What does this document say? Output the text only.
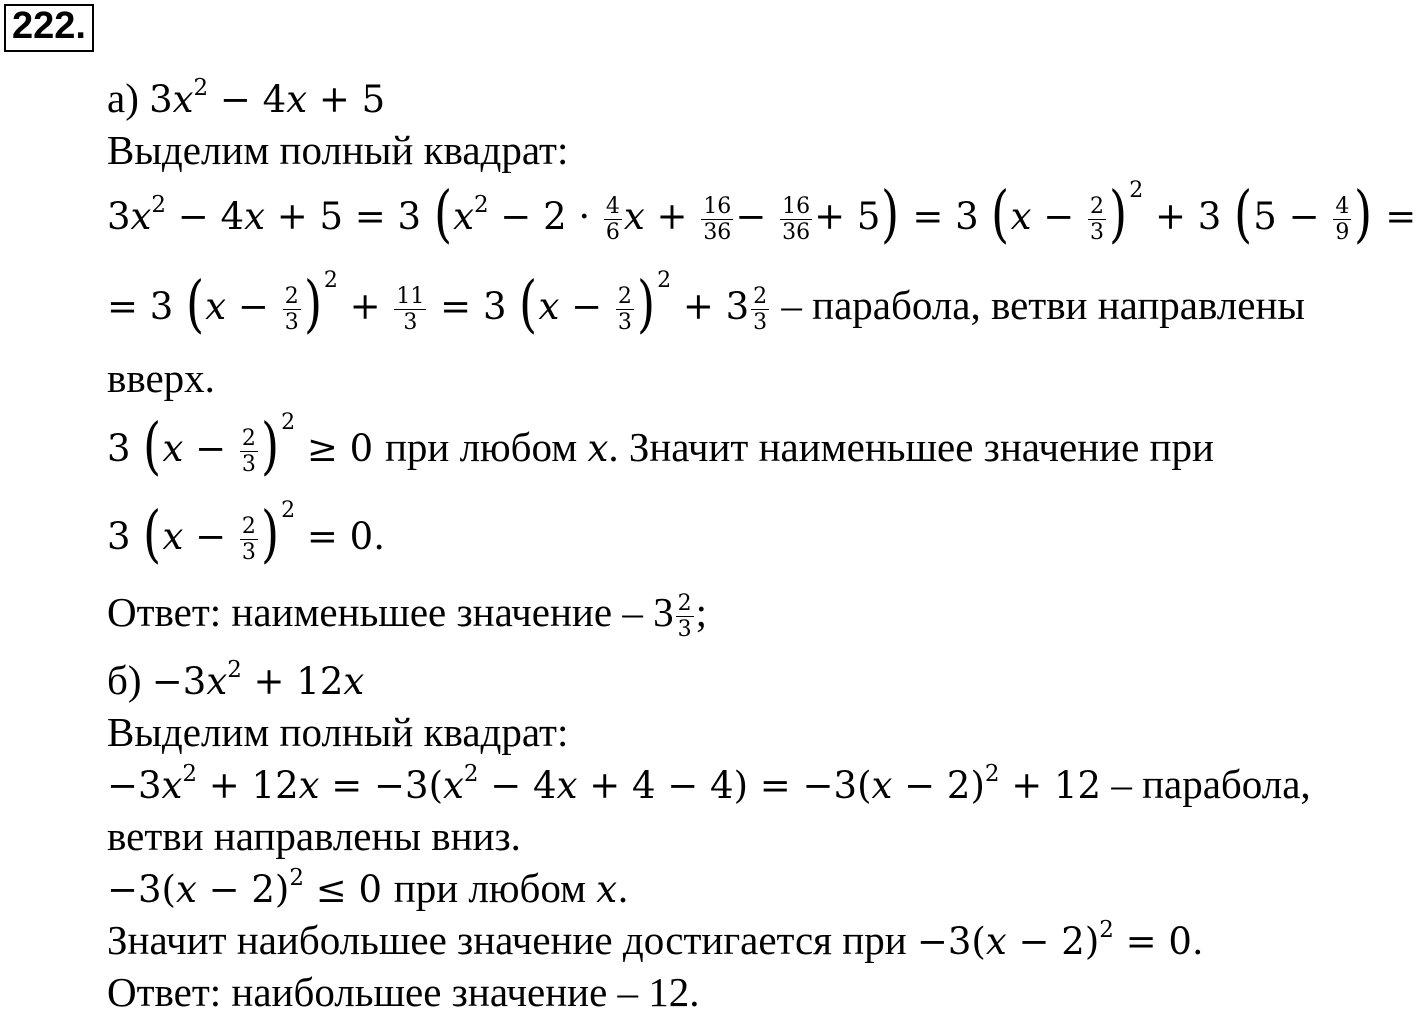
222.
а) $3x^2 - 4x + 5$
Выделим полный квадрат:
$3x^2 - 4x + 5 = 3$ ($x^2 - 2 \cdot \frac{4}{6}$ $x + \frac{16}{36} - \frac{16}{36} + 5) = 3$ $(x - \frac{2}{3} )^2 + 3$ ($5 - \frac{4}{9}$ ) =
= 3 $(x - \frac{2}{3} )^2 + \frac{11}{3} = 3$ $(x - \frac{2}{3} )^2 + 3 \frac{2}{3}$ – парабола, ветви направлены
вверх.
3 $(x - \frac{2}{3} )^2 \ge 0$ при любом x. Значит наименьшее значение при
3 $(x - \frac{2}{3} )^2 = 0$.
Ответ: наименьшее значение – $3 \frac{2}{3}$ ;
$б) -3x^2 + 12x$
Выделим полный квадрат:
$-3x^2 + 12x = -3(x^2 - 4x + 4 - 4) = -3(x - 2)^2 + 12$ – парабола,
ветви направлены вниз.
$-3(x - 2)^2 \le 0$ при любом x.
Значит наибольшее значение достигается при $-3(x - 2)^2 = 0$.
Ответ: наибольшее значение – 12.
